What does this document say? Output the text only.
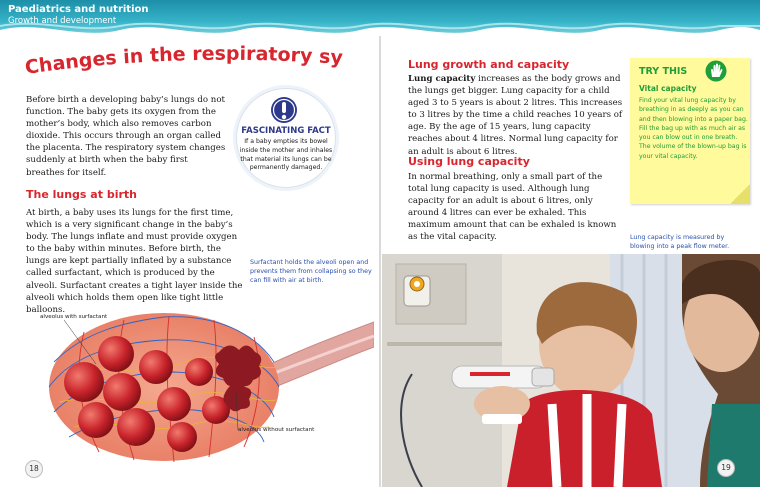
Paediatrics and nutrition
Growth and development
Changes in the respiratory sy
Before birth a developing baby’s lungs do not function. The baby gets its oxygen from the mother’s body, which also removes carbon dioxide. This occurs through an organ called the placenta. The respiratory system changes suddenly at birth when the baby first breathes for itself.
FASCINATING FACT
If a baby empties its bowel inside the mother and inhales that material its lungs can be permanently damaged.
The lungs at birth
At birth, a baby uses its lungs for the first time, which is a very significant change in the baby’s body. The lungs inflate and must provide oxygen to the baby within minutes. Before birth, the lungs are kept partially inflated by a substance called surfactant, which is produced by the alveoli. Surfactant creates a tight layer inside the alveoli which holds them open like tight little balloons.
Surfactant holds the alveoli open and prevents them from collapsing so they can fill with air at birth.
alveolus with surfactant
alveolus without surfactant
18
Lung growth and capacity
Lung capacity increases as the body grows and the lungs get bigger. Lung capacity for a child aged 3 to 5 years is about 2 litres. This increases to 3 litres by the time a child reaches 10 years of age. By the age of 15 years, lung capacity reaches about 4 litres. Normal lung capacity for an adult is about 6 litres.
Using lung capacity
In normal breathing, only a small part of the total lung capacity is used. Although lung capacity for an adult is about 6 litres, only around 4 litres can ever be exhaled. This maximum amount that can be exhaled is known as the vital capacity.
TRY THIS
Vital capacity
Find your vital lung capacity by breathing in as deeply as you can and then blowing into a paper bag. Fill the bag up with as much air as you can blow out in one breath. The volume of the blown-up bag is your vital capacity.
Lung capacity is measured by blowing into a peak flow meter.
19
